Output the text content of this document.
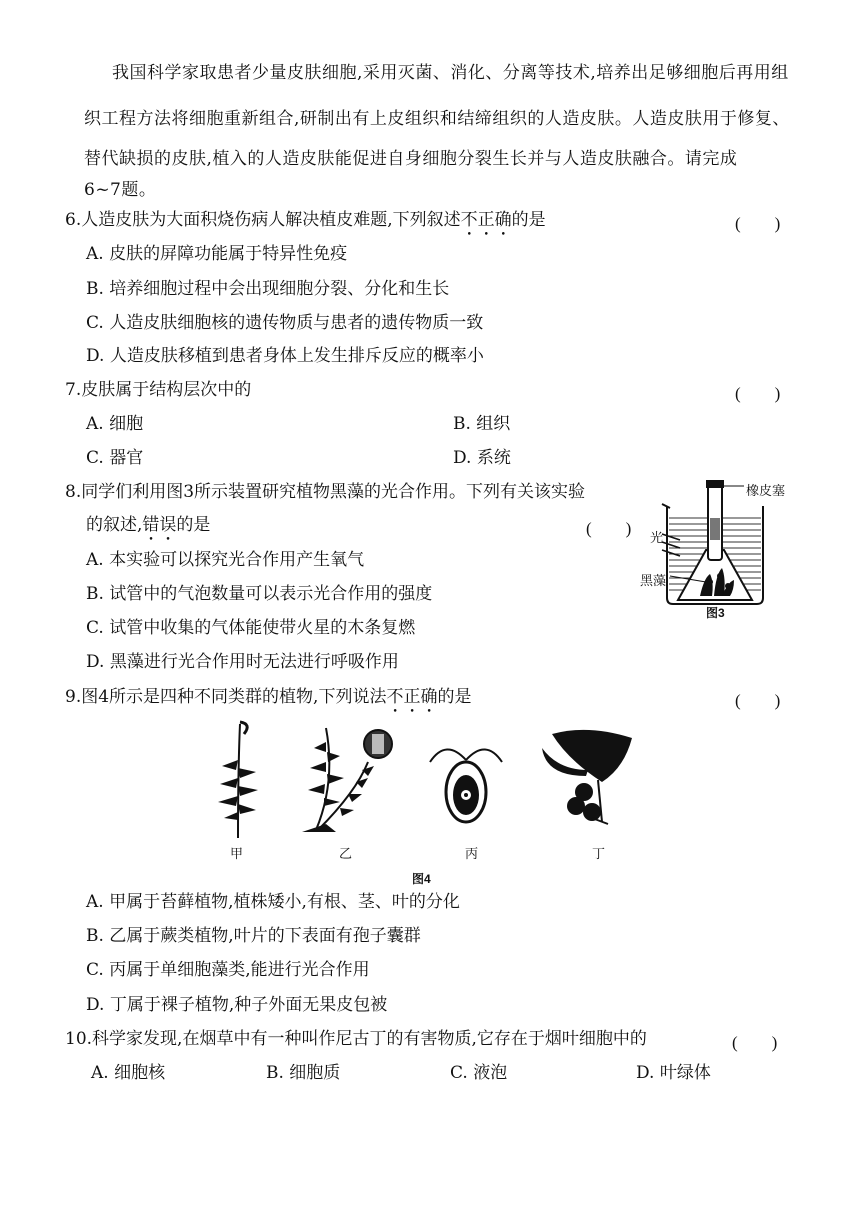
我国科学家取患者少量皮肤细胞,采用灭菌、消化、分离等技术,培养出足够细胞后再用组
织工程方法将细胞重新组合,研制出有上皮组织和结缔组织的人造皮肤。人造皮肤用于修复、
替代缺损的皮肤,植入的人造皮肤能促进自身细胞分裂生长并与人造皮肤融合。请完成
6~7题。
6.人造皮肤为大面积烧伤病人解决植皮难题,下列叙述不正确的是	(　　)
A. 皮肤的屏障功能属于特异性免疫
B. 培养细胞过程中会出现细胞分裂、分化和生长
C. 人造皮肤细胞核的遗传物质与患者的遗传物质一致
D. 人造皮肤移植到患者身体上发生排斥反应的概率小
7.皮肤属于结构层次中的	(　　)
A. 细胞	B. 组织
C. 器官	D. 系统
8.同学们利用图3所示装置研究植物黑藻的光合作用。下列有关该实验
的叙述,错误的是	(　　)
A. 本实验可以探究光合作用产生氧气
B. 试管中的气泡数量可以表示光合作用的强度
C. 试管中收集的气体能使带火星的木条复燃
D. 黑藻进行光合作用时无法进行呼吸作用
橡皮塞
光
黑藻
图3
9.图4所示是四种不同类群的植物,下列说法不正确的是	(　　)
甲	乙	丙	丁
图4
A. 甲属于苔藓植物,植株矮小,有根、茎、叶的分化
B. 乙属于蕨类植物,叶片的下表面有孢子囊群
C. 丙属于单细胞藻类,能进行光合作用
D. 丁属于裸子植物,种子外面无果皮包被
10.科学家发现,在烟草中有一种叫作尼古丁的有害物质,它存在于烟叶细胞中的	(　　)
A. 细胞核	B. 细胞质	C. 液泡	D. 叶绿体
